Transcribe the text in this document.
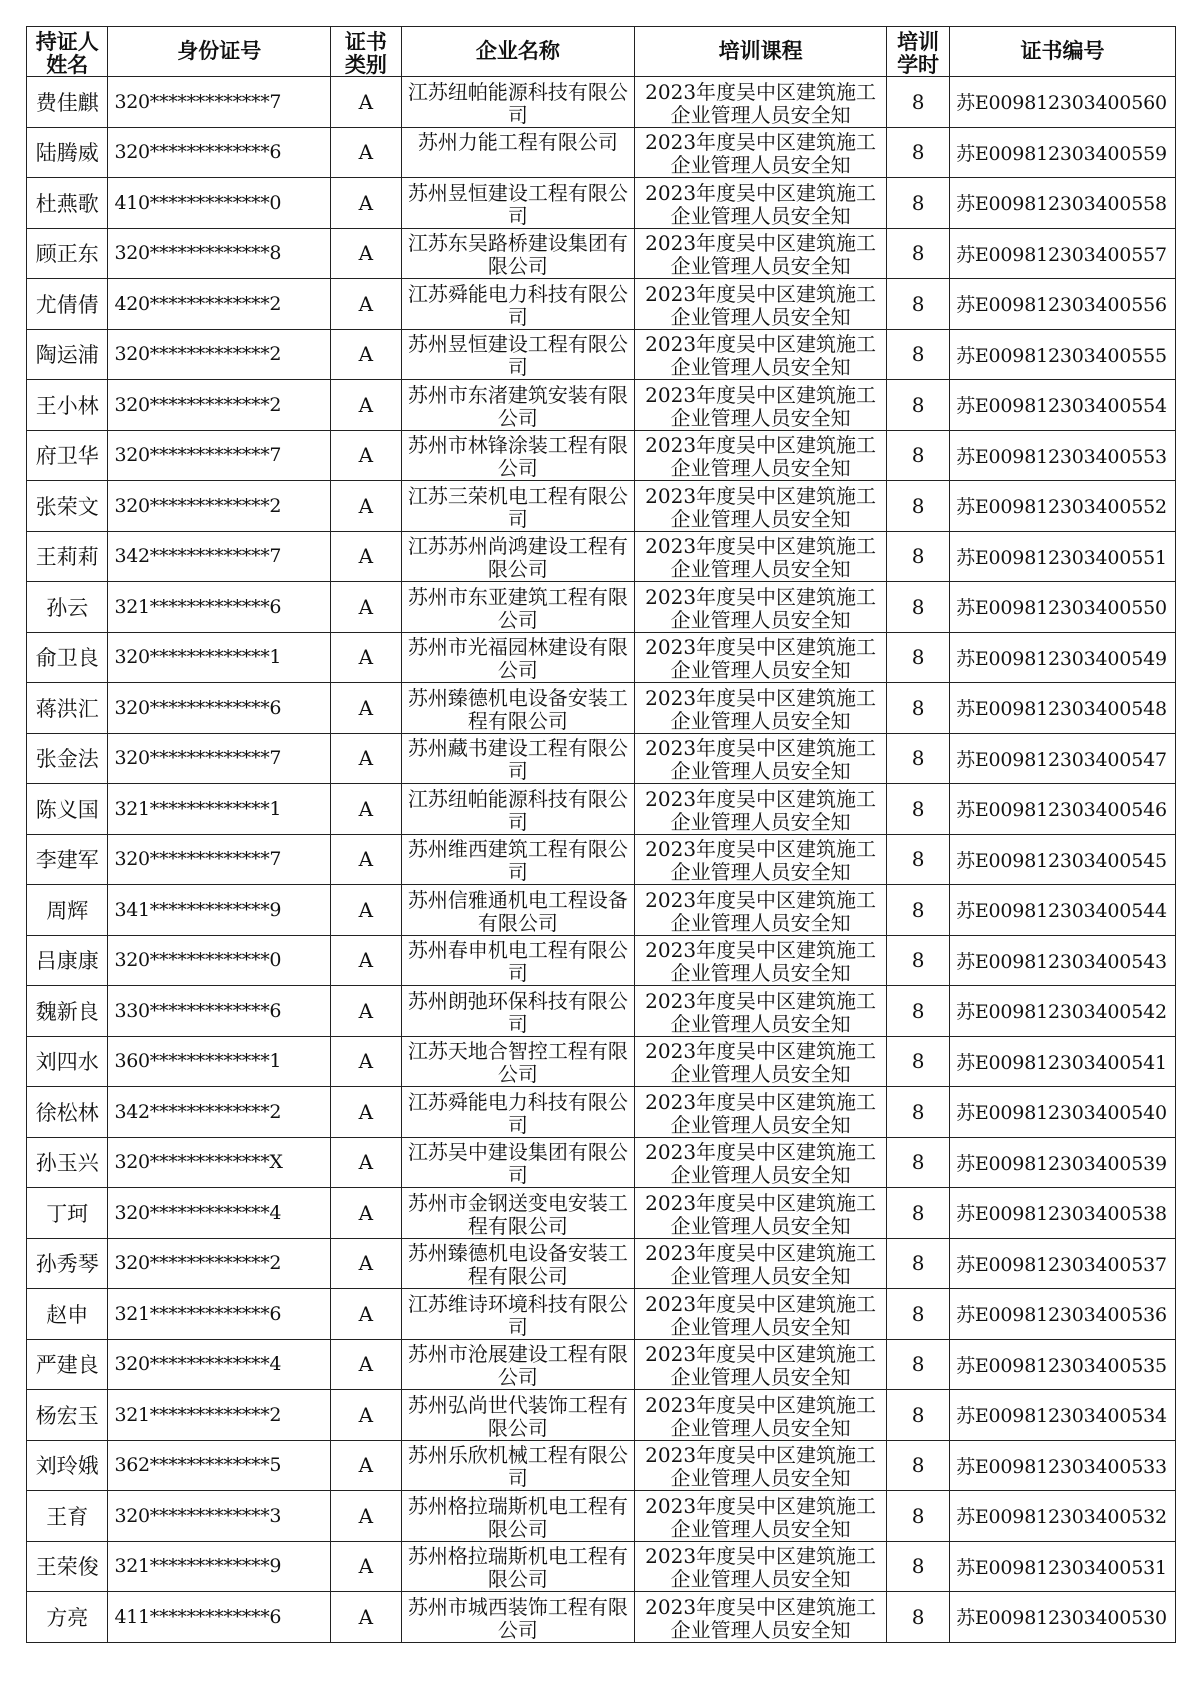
持证人姓名	身份证号	证书类别	企业名称	培训课程	培训学时	证书编号
费佳麒	320*************7	A	江苏纽帕能源科技有限公司	2023年度吴中区建筑施工企业管理人员安全知	8	苏E009812303400560
陆腾威	320*************6	A	苏州力能工程有限公司	2023年度吴中区建筑施工企业管理人员安全知	8	苏E009812303400559
杜燕歌	410*************0	A	苏州昱恒建设工程有限公司	2023年度吴中区建筑施工企业管理人员安全知	8	苏E009812303400558
顾正东	320*************8	A	江苏东吴路桥建设集团有限公司	2023年度吴中区建筑施工企业管理人员安全知	8	苏E009812303400557
尤倩倩	420*************2	A	江苏舜能电力科技有限公司	2023年度吴中区建筑施工企业管理人员安全知	8	苏E009812303400556
陶运浦	320*************2	A	苏州昱恒建设工程有限公司	2023年度吴中区建筑施工企业管理人员安全知	8	苏E009812303400555
王小林	320*************2	A	苏州市东渚建筑安装有限公司	2023年度吴中区建筑施工企业管理人员安全知	8	苏E009812303400554
府卫华	320*************7	A	苏州市林锋涂装工程有限公司	2023年度吴中区建筑施工企业管理人员安全知	8	苏E009812303400553
张荣文	320*************2	A	江苏三荣机电工程有限公司	2023年度吴中区建筑施工企业管理人员安全知	8	苏E009812303400552
王莉莉	342*************7	A	江苏苏州尚鸿建设工程有限公司	2023年度吴中区建筑施工企业管理人员安全知	8	苏E009812303400551
孙云	321*************6	A	苏州市东亚建筑工程有限公司	2023年度吴中区建筑施工企业管理人员安全知	8	苏E009812303400550
俞卫良	320*************1	A	苏州市光福园林建设有限公司	2023年度吴中区建筑施工企业管理人员安全知	8	苏E009812303400549
蒋洪汇	320*************6	A	苏州臻德机电设备安装工程有限公司	2023年度吴中区建筑施工企业管理人员安全知	8	苏E009812303400548
张金法	320*************7	A	苏州藏书建设工程有限公司	2023年度吴中区建筑施工企业管理人员安全知	8	苏E009812303400547
陈义国	321*************1	A	江苏纽帕能源科技有限公司	2023年度吴中区建筑施工企业管理人员安全知	8	苏E009812303400546
李建军	320*************7	A	苏州维西建筑工程有限公司	2023年度吴中区建筑施工企业管理人员安全知	8	苏E009812303400545
周辉	341*************9	A	苏州信雅通机电工程设备有限公司	2023年度吴中区建筑施工企业管理人员安全知	8	苏E009812303400544
吕康康	320*************0	A	苏州春申机电工程有限公司	2023年度吴中区建筑施工企业管理人员安全知	8	苏E009812303400543
魏新良	330*************6	A	苏州朗弛环保科技有限公司	2023年度吴中区建筑施工企业管理人员安全知	8	苏E009812303400542
刘四水	360*************1	A	江苏天地合智控工程有限公司	2023年度吴中区建筑施工企业管理人员安全知	8	苏E009812303400541
徐松林	342*************2	A	江苏舜能电力科技有限公司	2023年度吴中区建筑施工企业管理人员安全知	8	苏E009812303400540
孙玉兴	320*************X	A	江苏吴中建设集团有限公司	2023年度吴中区建筑施工企业管理人员安全知	8	苏E009812303400539
丁珂	320*************4	A	苏州市金钢送变电安装工程有限公司	2023年度吴中区建筑施工企业管理人员安全知	8	苏E009812303400538
孙秀琴	320*************2	A	苏州臻德机电设备安装工程有限公司	2023年度吴中区建筑施工企业管理人员安全知	8	苏E009812303400537
赵申	321*************6	A	江苏维诗环境科技有限公司	2023年度吴中区建筑施工企业管理人员安全知	8	苏E009812303400536
严建良	320*************4	A	苏州市沧展建设工程有限公司	2023年度吴中区建筑施工企业管理人员安全知	8	苏E009812303400535
杨宏玉	321*************2	A	苏州弘尚世代装饰工程有限公司	2023年度吴中区建筑施工企业管理人员安全知	8	苏E009812303400534
刘玲娥	362*************5	A	苏州乐欣机械工程有限公司	2023年度吴中区建筑施工企业管理人员安全知	8	苏E009812303400533
王育	320*************3	A	苏州格拉瑞斯机电工程有限公司	2023年度吴中区建筑施工企业管理人员安全知	8	苏E009812303400532
王荣俊	321*************9	A	苏州格拉瑞斯机电工程有限公司	2023年度吴中区建筑施工企业管理人员安全知	8	苏E009812303400531
方亮	411*************6	A	苏州市城西装饰工程有限公司	2023年度吴中区建筑施工企业管理人员安全知	8	苏E009812303400530
